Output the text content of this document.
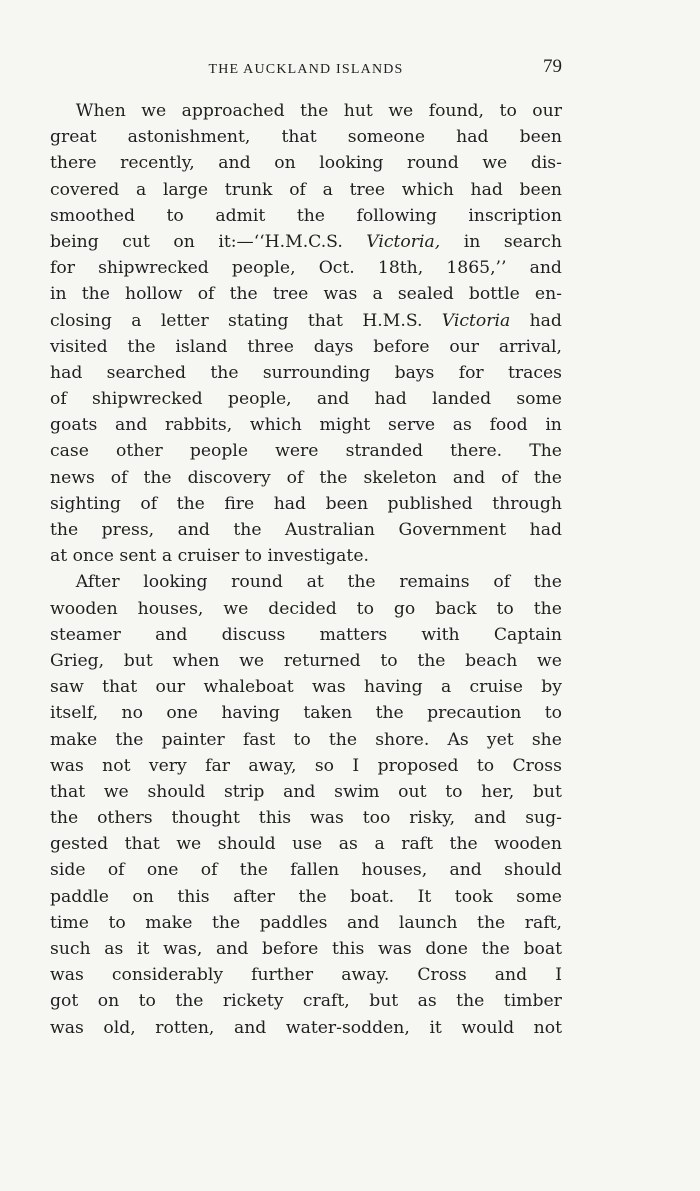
THE AUCKLAND ISLANDS	79
When we approached the hut we found, to our
great astonishment, that someone had been
there recently, and on looking round we dis-
covered a large trunk of a tree which had been
smoothed to admit the following inscription
being cut on it:—‘‘H.M.C.S. Victoria, in search
for shipwrecked people, Oct. 18th, 1865,’’ and
in the hollow of the tree was a sealed bottle en-
closing a letter stating that H.M.S. Victoria had
visited the island three days before our arrival,
had searched the surrounding bays for traces
of shipwrecked people, and had landed some
goats and rabbits, which might serve as food in
case other people were stranded there. The
news of the discovery of the skeleton and of the
sighting of the fire had been published through
the press, and the Australian Government had
at once sent a cruiser to investigate.
After looking round at the remains of the
wooden houses, we decided to go back to the
steamer and discuss matters with Captain
Grieg, but when we returned to the beach we
saw that our whaleboat was having a cruise by
itself, no one having taken the precaution to
make the painter fast to the shore. As yet she
was not very far away, so I proposed to Cross
that we should strip and swim out to her, but
the others thought this was too risky, and sug-
gested that we should use as a raft the wooden
side of one of the fallen houses, and should
paddle on this after the boat. It took some
time to make the paddles and launch the raft,
such as it was, and before this was done the boat
was considerably further away. Cross and I
got on to the rickety craft, but as the timber
was old, rotten, and water-sodden, it would not
